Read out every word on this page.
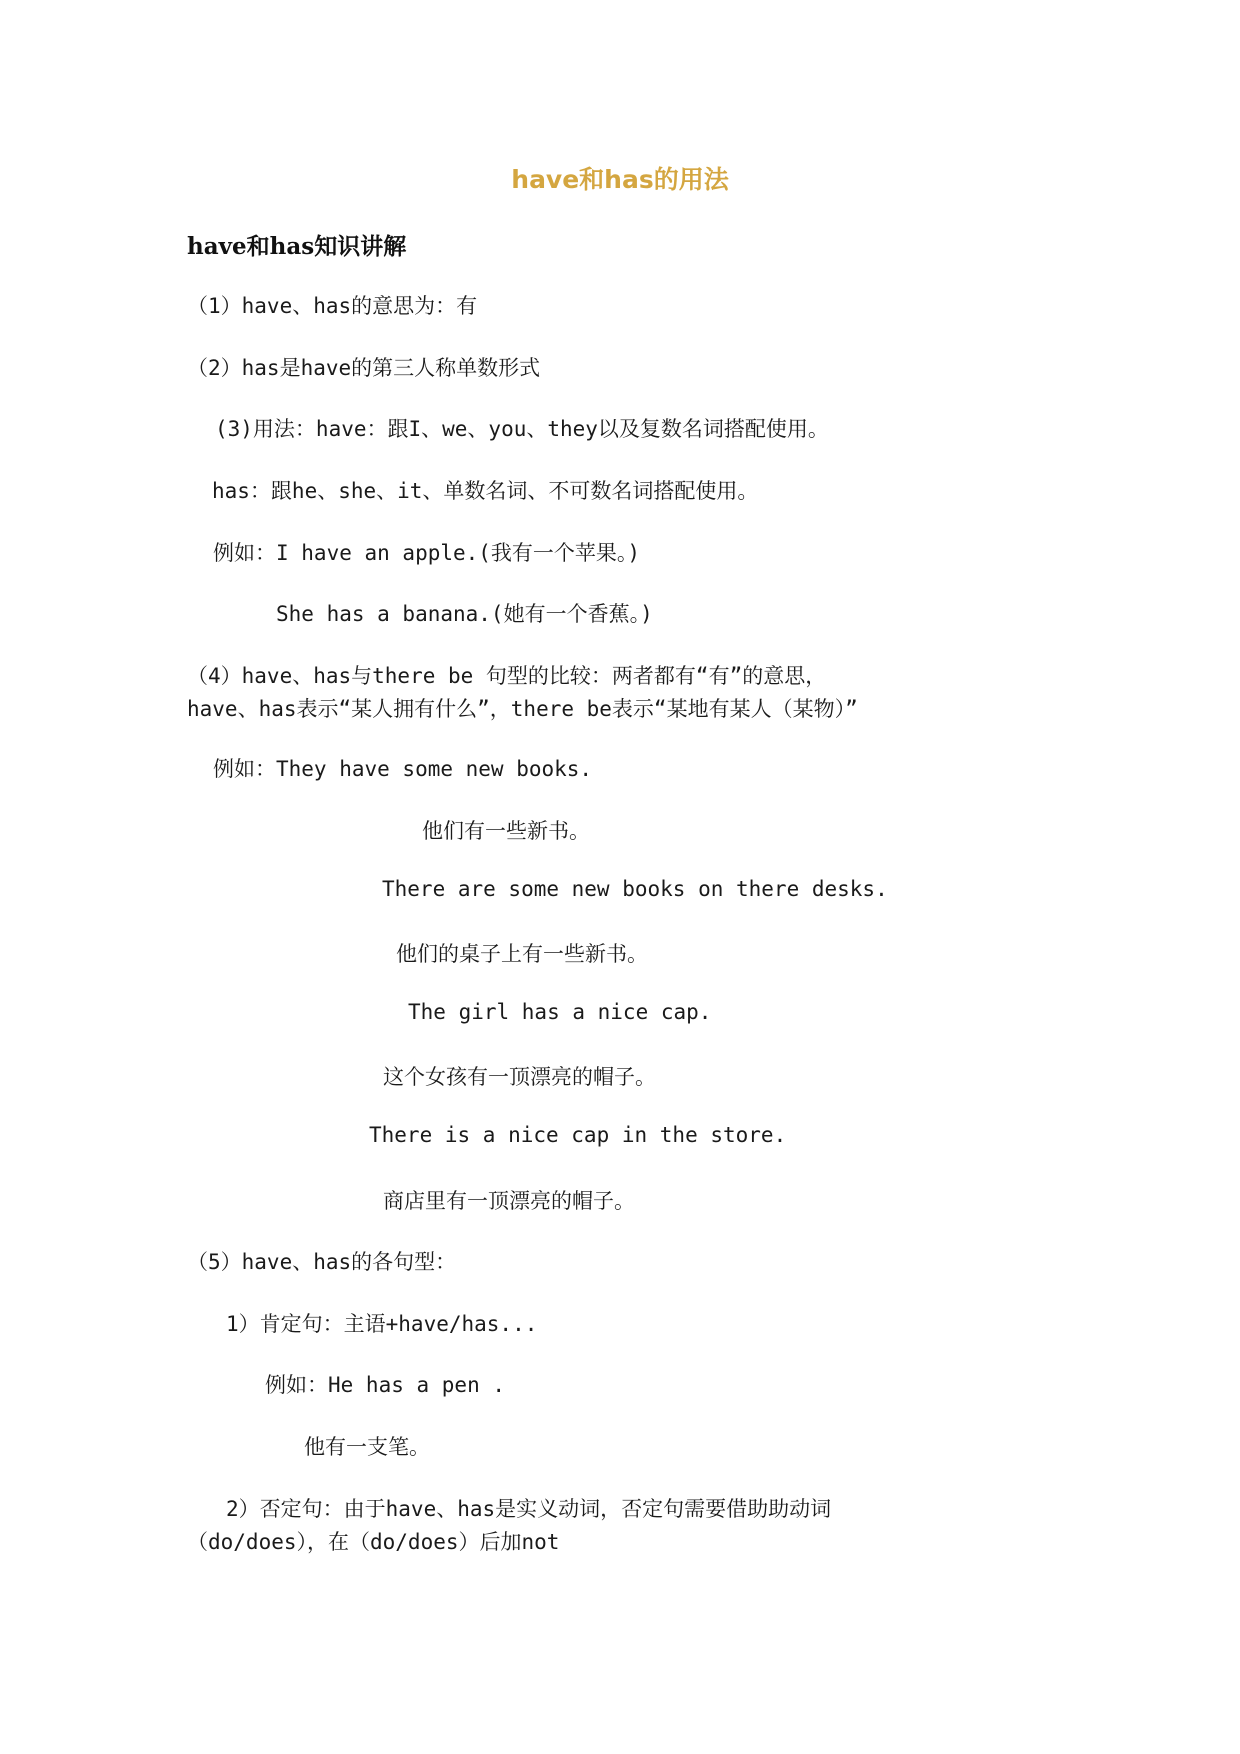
have和has的用法
have和has知识讲解
（1）have、has的意思为：有
（2）has是have的第三人称单数形式
(3)用法：have：跟I、we、you、they以及复数名词搭配使用。
has：跟he、she、it、单数名词、不可数名词搭配使用。
例如：I have an apple.(我有一个苹果。)
She has a banana.(她有一个香蕉。)
（4）have、has与there be 句型的比较：两者都有“有”的意思，
have、has表示“某人拥有什么”，there be表示“某地有某人（某物）”
例如：They have some new books.
他们有一些新书。
There are some new books on there desks.
他们的桌子上有一些新书。
The girl has a nice cap.
这个女孩有一顶漂亮的帽子。
There is a nice cap in the store.
商店里有一顶漂亮的帽子。
（5）have、has的各句型：
1）肯定句：主语+have/has...
例如：He has a pen .
他有一支笔。
2）否定句：由于have、has是实义动词，否定句需要借助助动词
（do/does），在（do/does）后加not
